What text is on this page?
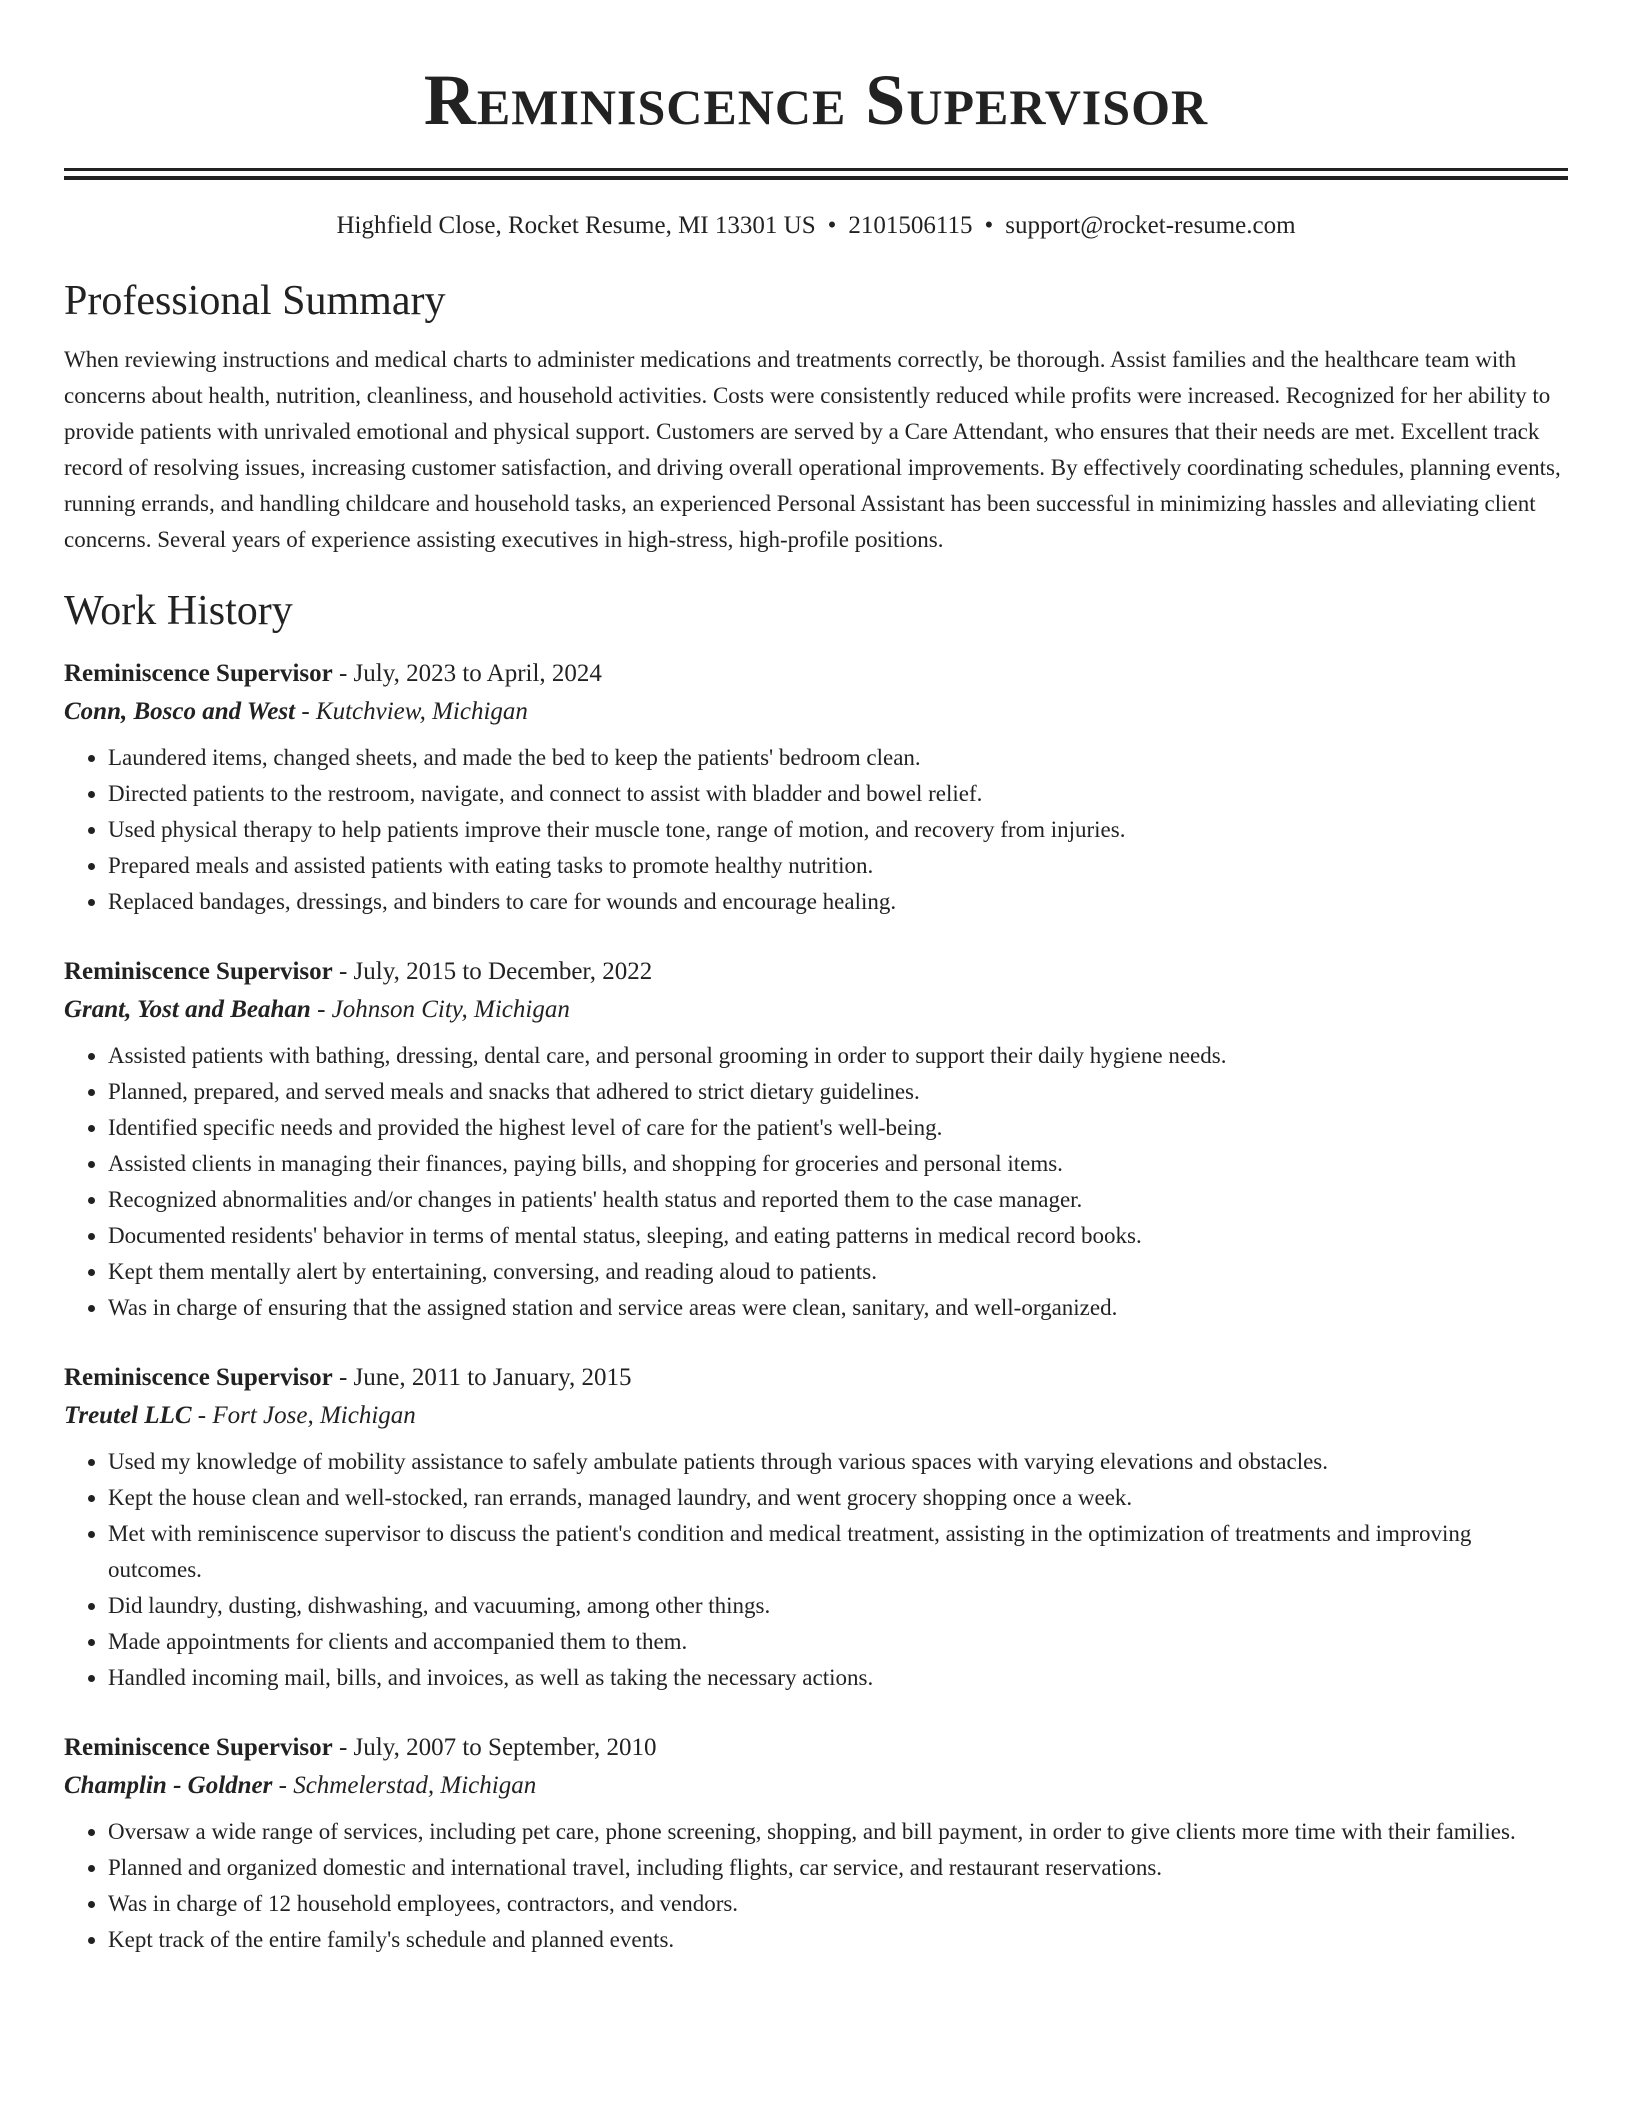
Reminiscence Supervisor
Highfield Close, Rocket Resume, MI 13301 US • 2101506115 • support@rocket-resume.com
Professional Summary

When reviewing instructions and medical charts to administer medications and treatments correctly, be thorough. Assist families and the healthcare team with concerns about health, nutrition, cleanliness, and household activities. Costs were consistently reduced while profits were increased. Recognized for her ability to provide patients with unrivaled emotional and physical support. Customers are served by a Care Attendant, who ensures that their needs are met. Excellent track record of resolving issues, increasing customer satisfaction, and driving overall operational improvements. By effectively coordinating schedules, planning events, running errands, and handling childcare and household tasks, an experienced Personal Assistant has been successful in minimizing hassles and alleviating client concerns. Several years of experience assisting executives in high-stress, high-profile positions.

Work History
Reminiscence Supervisor - July, 2023 to April, 2024
Conn, Bosco and West - Kutchview, Michigan
• Laundered items, changed sheets, and made the bed to keep the patients' bedroom clean.
• Directed patients to the restroom, navigate, and connect to assist with bladder and bowel relief.
• Used physical therapy to help patients improve their muscle tone, range of motion, and recovery from injuries.
• Prepared meals and assisted patients with eating tasks to promote healthy nutrition.
• Replaced bandages, dressings, and binders to care for wounds and encourage healing.
Reminiscence Supervisor - July, 2015 to December, 2022
Grant, Yost and Beahan - Johnson City, Michigan
• Assisted patients with bathing, dressing, dental care, and personal grooming in order to support their daily hygiene needs.
• Planned, prepared, and served meals and snacks that adhered to strict dietary guidelines.
• Identified specific needs and provided the highest level of care for the patient's well-being.
• Assisted clients in managing their finances, paying bills, and shopping for groceries and personal items.
• Recognized abnormalities and/or changes in patients' health status and reported them to the case manager.
• Documented residents' behavior in terms of mental status, sleeping, and eating patterns in medical record books.
• Kept them mentally alert by entertaining, conversing, and reading aloud to patients.
• Was in charge of ensuring that the assigned station and service areas were clean, sanitary, and well-organized.
Reminiscence Supervisor - June, 2011 to January, 2015
Treutel LLC - Fort Jose, Michigan
• Used my knowledge of mobility assistance to safely ambulate patients through various spaces with varying elevations and obstacles.
• Kept the house clean and well-stocked, ran errands, managed laundry, and went grocery shopping once a week.
• Met with reminiscence supervisor to discuss the patient's condition and medical treatment, assisting in the optimization of treatments and improving outcomes.
• Did laundry, dusting, dishwashing, and vacuuming, among other things.
• Made appointments for clients and accompanied them to them.
• Handled incoming mail, bills, and invoices, as well as taking the necessary actions.
Reminiscence Supervisor - July, 2007 to September, 2010
Champlin - Goldner - Schmelerstad, Michigan
• Oversaw a wide range of services, including pet care, phone screening, shopping, and bill payment, in order to give clients more time with their families.
• Planned and organized domestic and international travel, including flights, car service, and restaurant reservations.
• Was in charge of 12 household employees, contractors, and vendors.
• Kept track of the entire family's schedule and planned events.
